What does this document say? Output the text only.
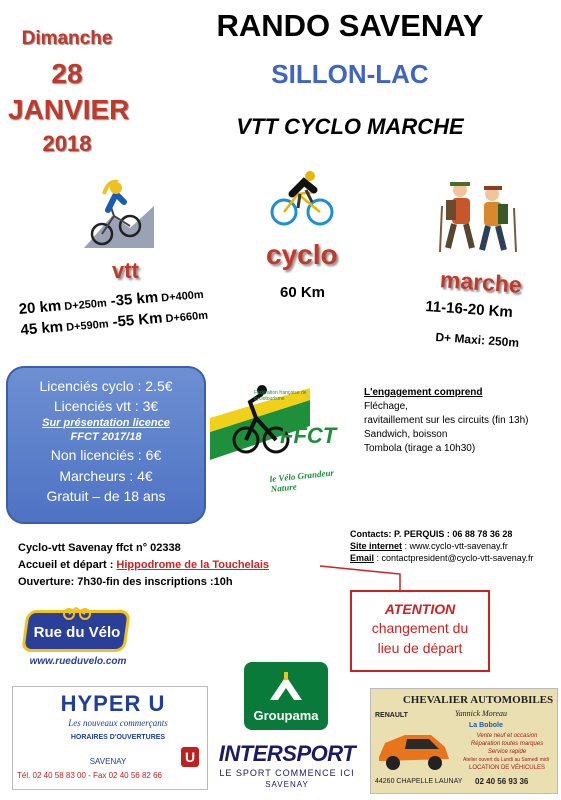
Dimanche
28
JANVIER
2018
RANDO SAVENAY
SILLON-LAC
VTT CYCLO MARCHE
vtt
20 km D+250m -35 km D+400m
45 km D+590m -55 Km D+660m
cyclo
60 Km	marche
11-16-20 Km
D+ Maxi: 250m
Licenciés cyclo : 2.5€
Licenciés vtt : 3€
Sur présentation licence
FFCT 2017/18
Non licenciés : 6€
Marcheurs : 4€
Gratuit – de 18 ans
Fédération française de cyclotourisme
FFCT
le Vélo Grandeur Nature
L'engagement comprend
Fléchage,
ravitaillement sur les circuits (fin 13h)
Sandwich, boisson
Tombola (tirage a 10h30)
Contacts: P. PERQUIS : 06 88 78 36 28
Site internet : www.cyclo-vtt-savenay.fr
Email : contactpresident@cyclo-vtt-savenay.fr
Cyclo-vtt Savenay ffct n° 02338
Accueil et départ : Hippodrome de la Touchelais
Ouverture: 7h30-fin des inscriptions :10h
ATENTION
changement du
lieu de départ
Rue du Vélo
www.rueduvelo.com
Groupama
HYPER U
Les nouveaux commerçants
HORAIRES D'OUVERTURES
SAVENAY
Tél. 02 40 58 83 00 - Fax 02 40 56 82 66
U	INTERSPORT
LE SPORT COMMENCE ICI
SAVENAY
RENAULT
CHEVALIER AUTOMOBILES
Yannick Moreau
La Bobole
Vente neuf et occasion
Réparation toutes marques
Service rapide
Atelier ouvert du Lundi au Samedi midi
LOCATION DE VÉHICULES
44260 CHAPELLE LAUNAY 02 40 56 93 36
